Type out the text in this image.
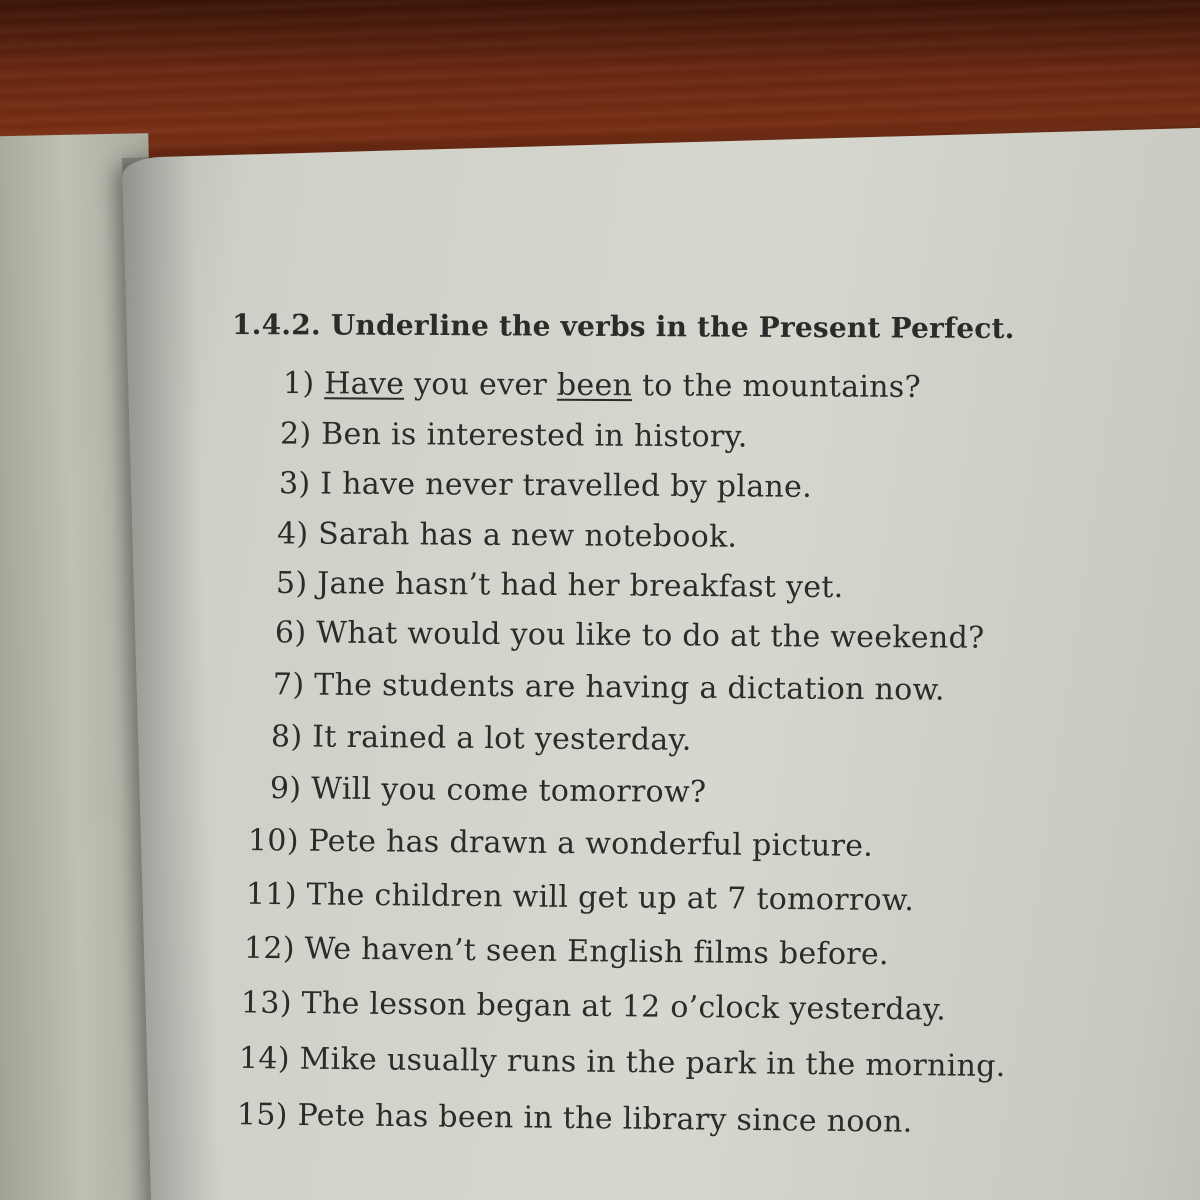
1.4.2. Underline the verbs in the Present Perfect.
1) Have you ever been to the mountains?
2) Ben is interested in history.
3) I have never travelled by plane.
4) Sarah has a new notebook.
5) Jane hasn’t had her breakfast yet.
6) What would you like to do at the weekend?
7) The students are having a dictation now.
8) It rained a lot yesterday.
9) Will you come tomorrow?
10) Pete has drawn a wonderful picture.
11) The children will get up at 7 tomorrow.
12) We haven’t seen English films before.
13) The lesson began at 12 o’clock yesterday.
14) Mike usually runs in the park in the morning.
15) Pete has been in the library since noon.
